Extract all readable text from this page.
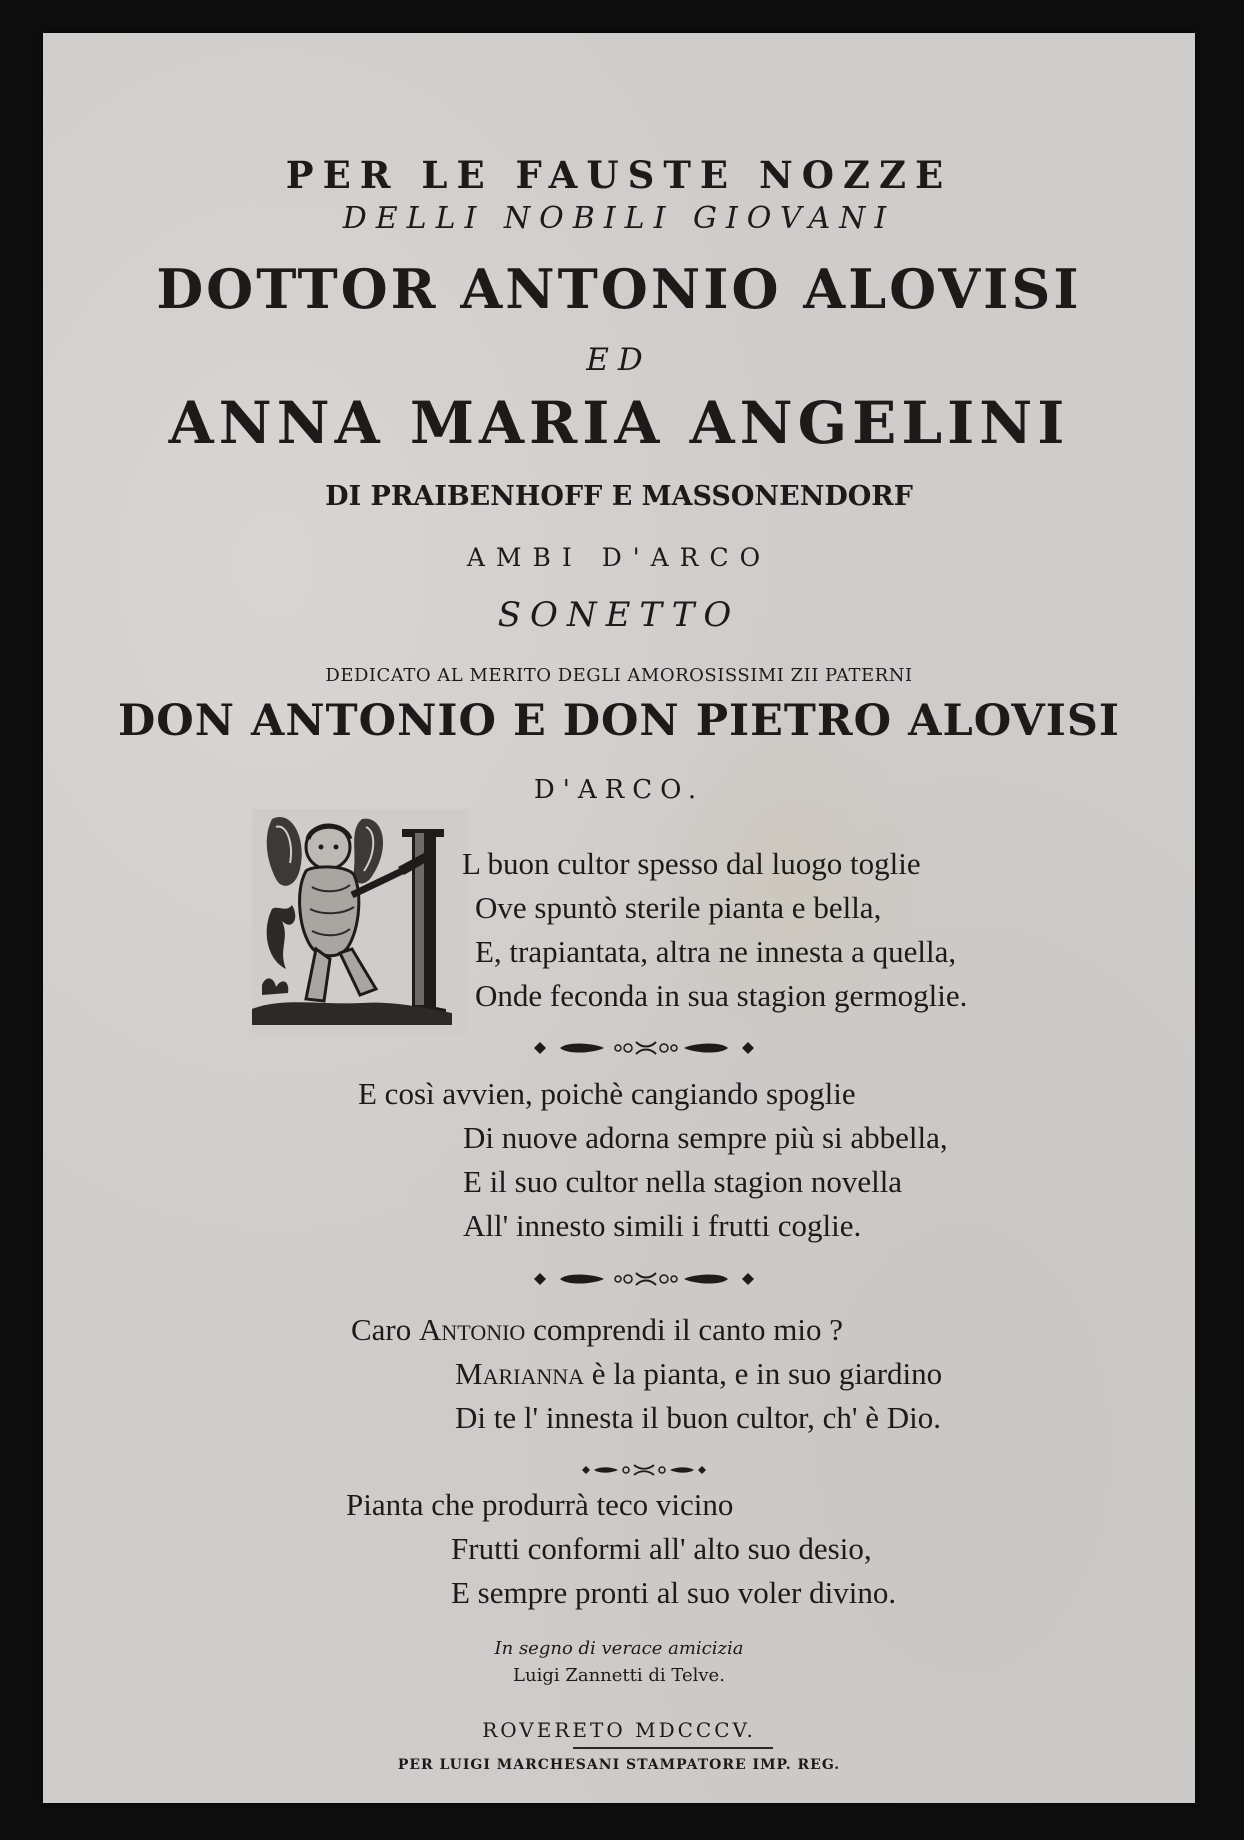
PER LE FAUSTE NOZZE

DELLI NOBILI GIOVANI

DOTTOR ANTONIO ALOVISI

ED

ANNA MARIA ANGELINI

DI PRAIBENHOFF E MASSONENDORF

AMBI D'ARCO

SONETTO

DEDICATO AL MERITO DEGLI AMOROSISSIMI ZII PATERNI

DON ANTONIO E DON PIETRO ALOVISI

D'ARCO.

L buon cultor spesso dal luogo toglie

Ove spuntò sterile pianta e bella,

E, trapiantata, altra ne innesta a quella,

Onde feconda in sua stagion germoglie.

E così avvien, poichè cangiando spoglie

Di nuove adorna sempre più si abbella,

E il suo cultor nella stagion novella

All' innesto simili i frutti coglie.

Caro Antonio comprendi il canto mio ?

Marianna è la pianta, e in suo giardino

Di te l' innesta il buon cultor, ch' è Dio.

Pianta che produrrà teco vicino

Frutti conformi all' alto suo desio,

E sempre pronti al suo voler divino.

In segno di verace amicizia

Luigi Zannetti di Telve.

ROVERETO MDCCCV.

PER LUIGI MARCHESANI STAMPATORE IMP. REG.
